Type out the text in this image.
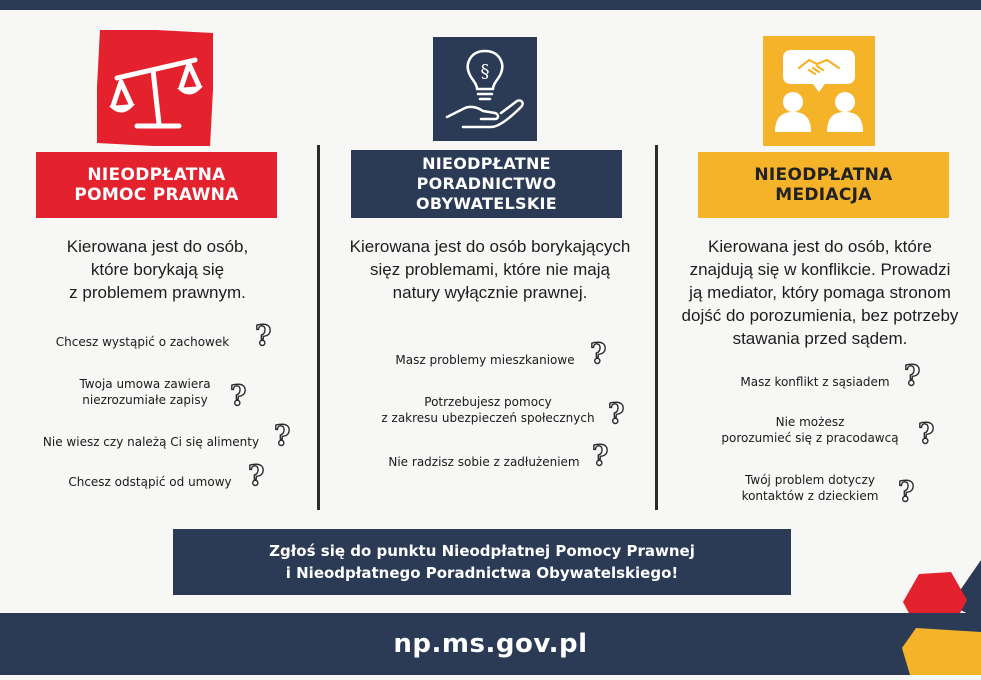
NIEODPŁATNA
POMOC PRAWNA
Kierowana jest do osób,
które borykają się
z problemem prawnym.
Chcesz wystąpić o zachowek ?
Twoja umowa zawiera
niezrozumiałe zapisy ?
Nie wiesz czy należą Ci się alimenty ?
Chcesz odstąpić od umowy ?
§
NIEODPŁATNE
PORADNICTWO OBYWATELSKIE
Kierowana jest do osób borykających
sięz problemami, które nie mają
natury wyłącznie prawnej.
Masz problemy mieszkaniowe ?
Potrzebujesz pomocy
z zakresu ubezpieczeń społecznych ?
Nie radzisz sobie z zadłużeniem ?
NIEODPŁATNA
MEDIACJA
Kierowana jest do osób, które
znajdują się w konflikcie. Prowadzi
ją mediator, który pomaga stronom
dojść do porozumienia, bez potrzeby
stawania przed sądem.
Masz konflikt z sąsiadem ?
Nie możesz
porozumieć się z pracodawcą ?
Twój problem dotyczy
kontaktów z dzieckiem ?
Zgłoś się do punktu Nieodpłatnej Pomocy Prawnej
i Nieodpłatnego Poradnictwa Obywatelskiego!
np.ms.gov.pl
